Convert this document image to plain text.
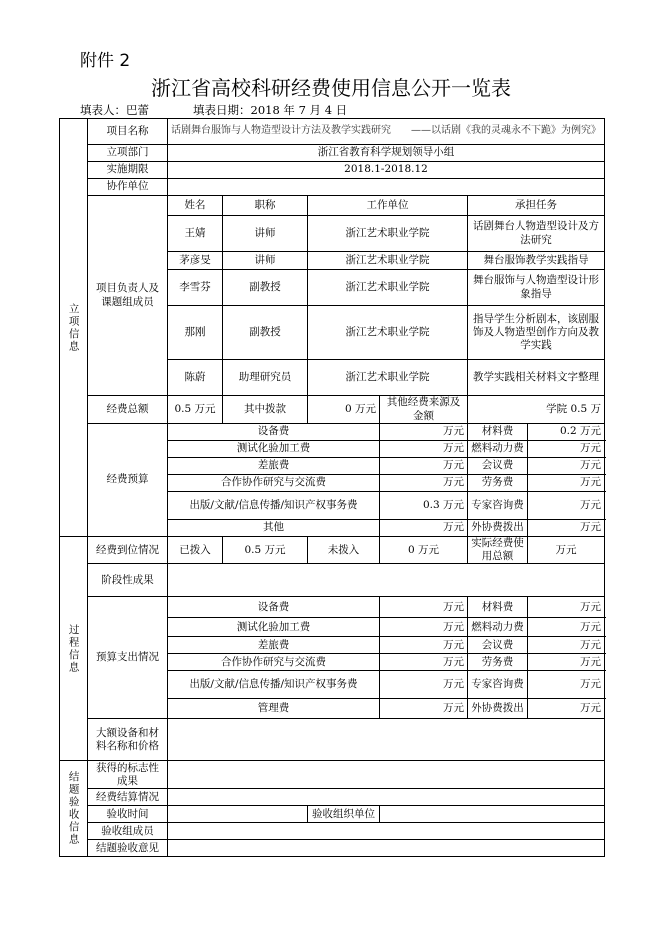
附件 2
浙江省高校科研经费使用信息公开一览表
填表人：巴蕾	填表日期：2018 年 7 月 4 日
立项信息	项目名称	话剧舞台服饰与人物造型设计方法及教学实践研究　　——以话剧《我的灵魂永不下跪》为例究》					
	立项部门	浙江省教育科学规划领导小组					
	实施期限	2018.1-2018.12					
	协作单位						
	项目负责人及课题组成员	姓名	职称	工作单位		承担任务	
		王婧	讲师	浙江艺术职业学院		话剧舞台人物造型设计及方法研究	
		茅彦旻	讲师	浙江艺术职业学院		舞台服饰教学实践指导	
		李雪芬	副教授	浙江艺术职业学院		舞台服饰与人物造型设计形象指导	
		那刚	副教授	浙江艺术职业学院		指导学生分析剧本，该剧服饰及人物造型创作方向及教学实践	
		陈蔚	助理研究员	浙江艺术职业学院		教学实践相关材料文字整理	
	经费总额	0.5 万元	其中拨款	0 万元	其他经费来源及金额	学院 0.5 万	
	经费预算	设备费			万元	材料费	0.2 万元
		测试化验加工费			万元	燃料动力费	万元
		差旅费			万元	会议费	万元
		合作协作研究与交流费			万元	劳务费	万元
		出版/文献/信息传播/知识产权事务费			0.3 万元	专家咨询费	万元
		其他			万元	外协费拨出	万元
过程信息	经费到位情况	已拨入	0.5 万元	未拨入	0 万元	实际经费使用总额	万元
	阶段性成果						
	预算支出情况	设备费			万元	材料费	万元
		测试化验加工费			万元	燃料动力费	万元
		差旅费			万元	会议费	万元
		合作协作研究与交流费			万元	劳务费	万元
		出版/文献/信息传播/知识产权事务费			万元	专家咨询费	万元
		管理费			万元	外协费拨出	万元
	大额设备和材料名称和价格						
结题验收信息	获得的标志性成果						
	经费结算情况						
	验收时间			验收组织单位			
	验收组成员						
	结题验收意见						
